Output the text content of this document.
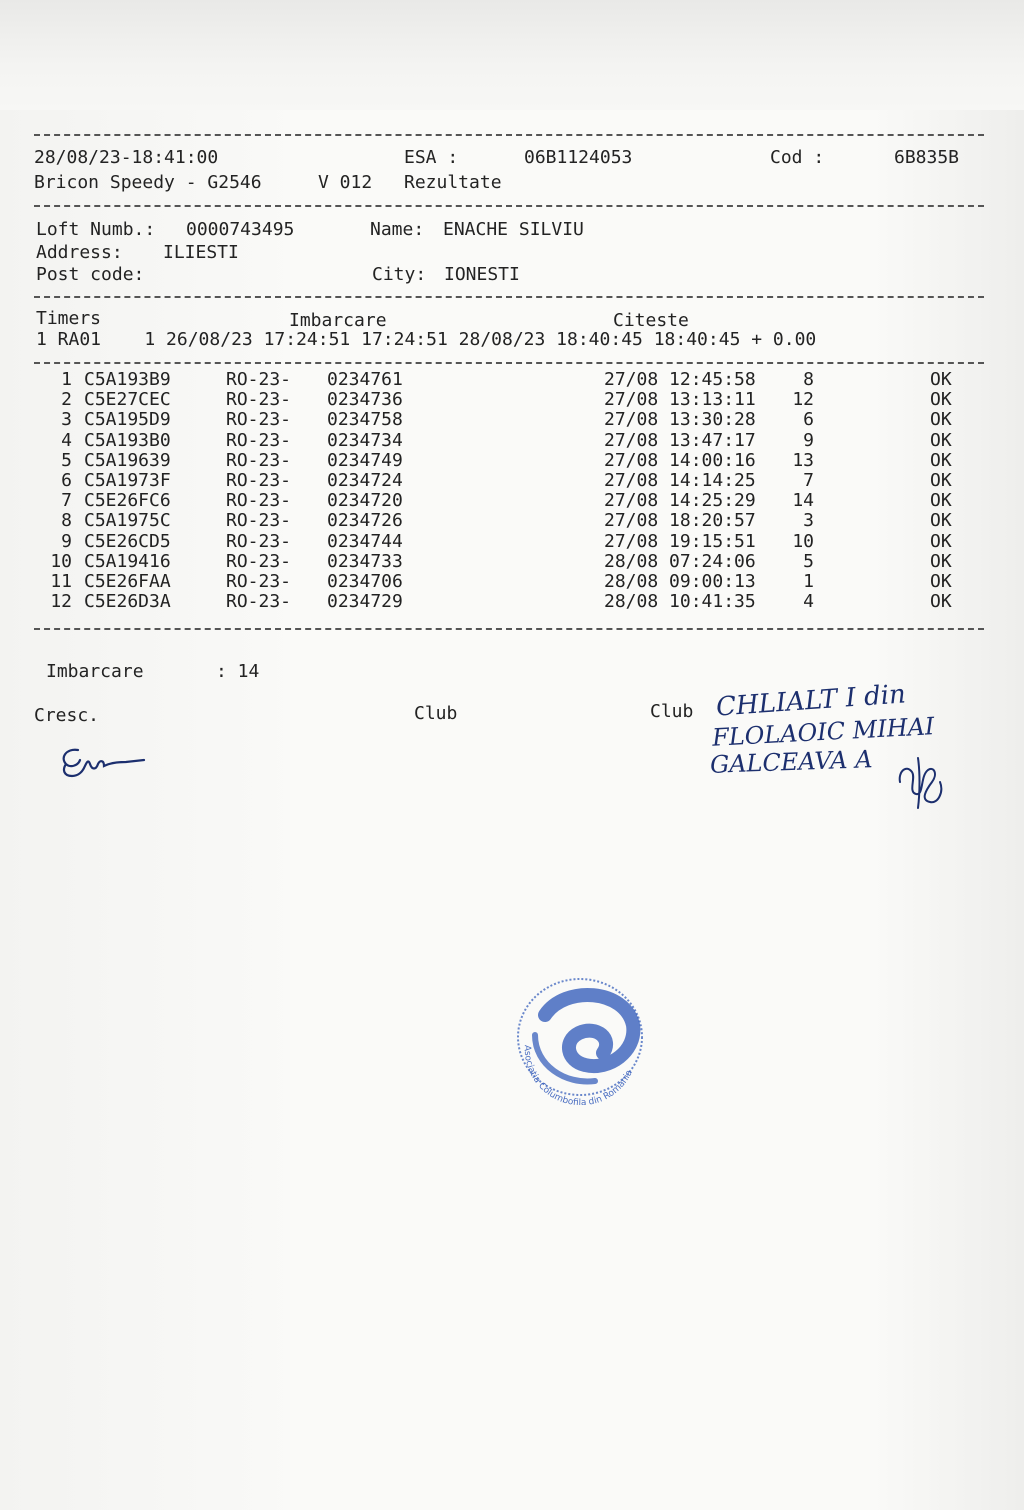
28/08/23-18:41:00	ESA :	06B1124053	Cod :	6B835B
Bricon Speedy - G2546	V 012 Rezultate
Loft Numb.: 0000743495	Name: ENACHE SILVIU
Address: ILIESTI
Post code:	City: IONESTI
Timers	Imbarcare	Citeste
1 RA01    1 26/08/23 17:24:51 17:24:51 28/08/23 18:40:45 18:40:45 + 0.00
1 C5A193B9	RO-23- 0234761	27/08 12:45:58	8	OK
2 C5E27CEC	RO-23- 0234736	27/08 13:13:11	12	OK
3 C5A195D9	RO-23- 0234758	27/08 13:30:28	6	OK
4 C5A193B0	RO-23- 0234734	27/08 13:47:17	9	OK
5 C5A19639	RO-23- 0234749	27/08 14:00:16	13	OK
6 C5A1973F	RO-23- 0234724	27/08 14:14:25	7	OK
7 C5E26FC6	RO-23- 0234720	27/08 14:25:29	14	OK
8 C5A1975C	RO-23- 0234726	27/08 18:20:57	3	OK
9 C5E26CD5	RO-23- 0234744	27/08 19:15:51	10	OK
10 C5A19416	RO-23- 0234733	28/08 07:24:06	5	OK
11 C5E26FAA	RO-23- 0234706	28/08 09:00:13	1	OK
12 C5E26D3A	RO-23- 0234729	28/08 10:41:35	4	OK
Imbarcare	: 14
Cresc.	Club	Club CHLIALT I din
FLOLAOIC MIHAI
GALCEAVA A
Asociatia Columbofila din Romania
